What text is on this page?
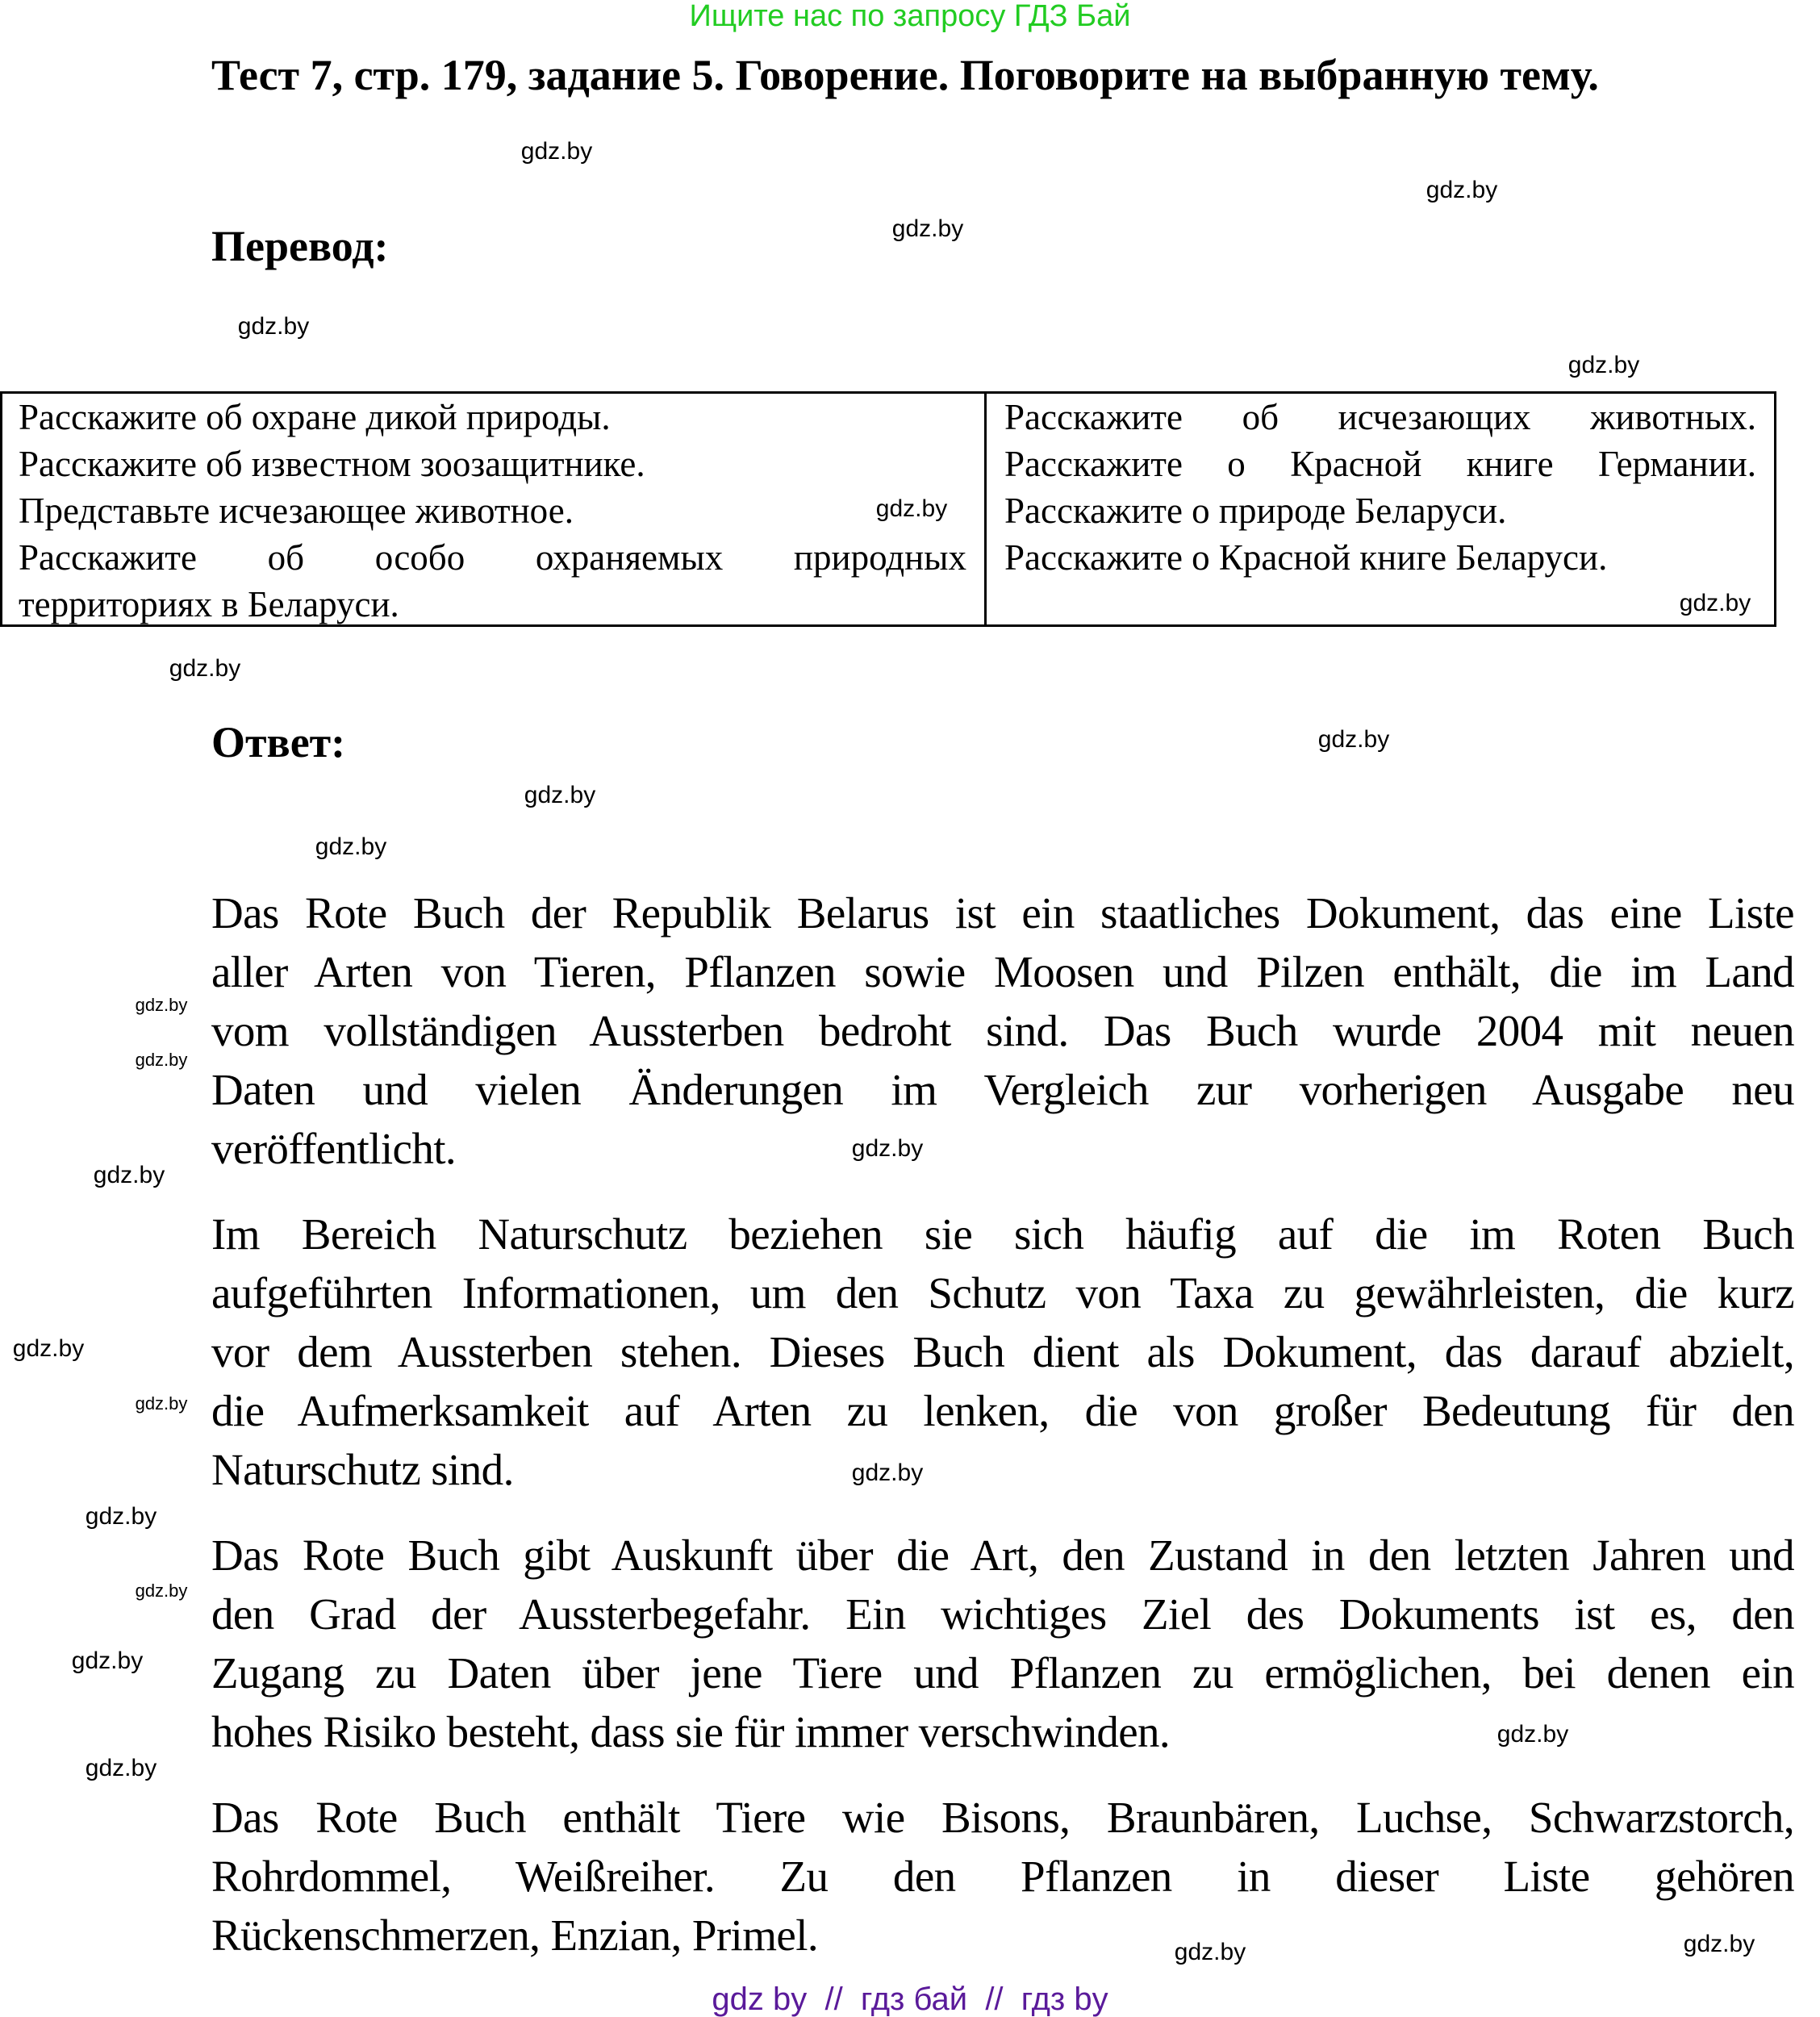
Ищите нас по запросу ГДЗ Бай
Тест 7, стр. 179, задание 5. Говорение. Поговорите на выбранную тему.
Перевод:
Расскажите об охране дикой природы.
Расскажите об известном зоозащитнике.
Представьте исчезающее животное.
Расскажите об особо охраняемых природных
территориях в Беларуси.
Расскажите об исчезающих животных.
Расскажите о Красной книге Германии.
Расскажите о природе Беларуси.
Расскажите о Красной книге Беларуси.
Ответ:
Das Rote Buch der Republik Belarus ist ein staatliches Dokument, das eine Liste
aller Arten von Tieren, Pflanzen sowie Moosen und Pilzen enthält, die im Land
vom vollständigen Aussterben bedroht sind. Das Buch wurde 2004 mit neuen
Daten und vielen Änderungen im Vergleich zur vorherigen Ausgabe neu
veröffentlicht.
Im Bereich Naturschutz beziehen sie sich häufig auf die im Roten Buch
aufgeführten Informationen, um den Schutz von Taxa zu gewährleisten, die kurz
vor dem Aussterben stehen. Dieses Buch dient als Dokument, das darauf abzielt,
die Aufmerksamkeit auf Arten zu lenken, die von großer Bedeutung für den
Naturschutz sind.
Das Rote Buch gibt Auskunft über die Art, den Zustand in den letzten Jahren und
den Grad der Aussterbegefahr. Ein wichtiges Ziel des Dokuments ist es, den
Zugang zu Daten über jene Tiere und Pflanzen zu ermöglichen, bei denen ein
hohes Risiko besteht, dass sie für immer verschwinden.
Das Rote Buch enthält Tiere wie Bisons, Braunbären, Luchse, Schwarzstorch,
Rohrdommel, Weißreiher. Zu den Pflanzen in dieser Liste gehören
Rückenschmerzen, Enzian, Primel.
gdz.by
gdz.by
gdz.by
gdz.by
gdz.by
gdz.by
gdz.by
gdz.by
gdz.by
gdz.by
gdz.by
gdz.by
gdz.by
gdz.by
gdz.by
gdz.by
gdz.by
gdz.by
gdz.by
gdz.by
gdz.by
gdz.by
gdz.by
gdz.by
gdz.by
gdz by  //  гдз бай  //  гдз by
